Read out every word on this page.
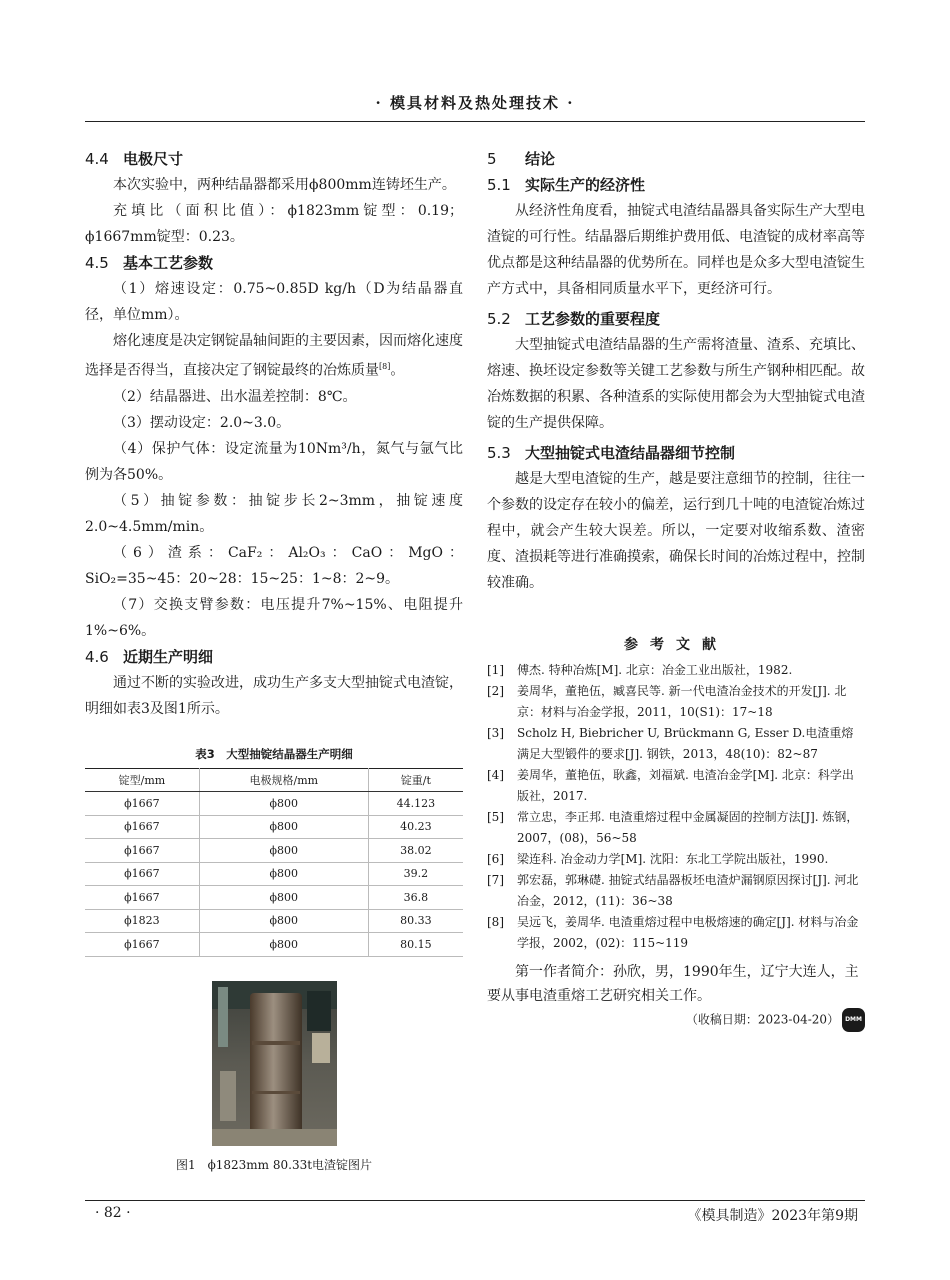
· 模具材料及热处理技术 ·
4.4 电极尺寸

本次实验中，两种结晶器都采用ϕ800mm连铸坯生产。

充填比（面积比值）：ϕ1823mm锭型：0.19；ϕ1667mm锭型：0.23。

4.5 基本工艺参数

（1）熔速设定：0.75~0.85D kg/h（D为结晶器直径，单位mm）。

熔化速度是决定钢锭晶轴间距的主要因素，因而熔化速度选择是否得当，直接决定了钢锭最终的冶炼质量[8]。

（2）结晶器进、出水温差控制：8℃。

（3）摆动设定：2.0~3.0。

（4）保护气体：设定流量为10Nm³/h，氮气与氩气比例为各50%。

（5）抽锭参数：抽锭步长2~3mm，抽锭速度2.0~4.5mm/min。

（6）渣系：CaF₂：Al₂O₃：CaO：MgO：SiO₂=35~45：20~28：15~25：1~8：2~9。

（7）交换支臂参数：电压提升7%~15%、电阻提升1%~6%。

4.6 近期生产明细

通过不断的实验改进，成功生产多支大型抽锭式电渣锭，明细如表3及图1所示。

表3　大型抽锭结晶器生产明细
锭型/mm	电极规格/mm	锭重/t
ϕ1667	ϕ800	44.123
ϕ1667	ϕ800	40.23
ϕ1667	ϕ800	38.02
ϕ1667	ϕ800	39.2
ϕ1667	ϕ800	36.8
ϕ1823	ϕ800	80.33
ϕ1667	ϕ800	80.15
图1　ϕ1823mm 80.33t电渣锭图片
5 结论
5.1 实际生产的经济性

从经济性角度看，抽锭式电渣结晶器具备实际生产大型电渣锭的可行性。结晶器后期维护费用低、电渣锭的成材率高等优点都是这种结晶器的优势所在。同样也是众多大型电渣锭生产方式中，具备相同质量水平下，更经济可行。

5.2 工艺参数的重要程度

大型抽锭式电渣结晶器的生产需将渣量、渣系、充填比、熔速、换坯设定参数等关键工艺参数与所生产钢种相匹配。故冶炼数据的积累、各种渣系的实际使用都会为大型抽锭式电渣锭的生产提供保障。

5.3 大型抽锭式电渣结晶器细节控制

越是大型电渣锭的生产，越是要注意细节的控制，往往一个参数的设定存在较小的偏差，运行到几十吨的电渣锭冶炼过程中，就会产生较大误差。所以，一定要对收缩系数、渣密度、渣损耗等进行准确摸索，确保长时间的冶炼过程中，控制较准确。

参考文献
[1]	傅杰. 特种冶炼[M]. 北京：冶金工业出版社，1982.
[2]	姜周华，董艳伍，臧喜民等. 新一代电渣冶金技术的开发[J]. 北京：材料与冶金学报，2011，10(S1)：17~18
[3]	Scholz H, Biebricher U, Brückmann G, Esser D.电渣重熔满足大型锻件的要求[J]. 钢铁，2013，48(10)：82~87
[4]	姜周华，董艳伍，耿鑫，刘福斌. 电渣冶金学[M]. 北京：科学出版社，2017.
[5]	常立忠，李正邦. 电渣重熔过程中金属凝固的控制方法[J]. 炼钢，2007，(08)，56~58
[6]	梁连科. 冶金动力学[M]. 沈阳：东北工学院出版社，1990.
[7]	郭宏磊，郭琳礎. 抽锭式结晶器板坯电渣炉漏钢原因探讨[J]. 河北冶金，2012，(11)：36~38
[8]	吴远飞，姜周华. 电渣重熔过程中电极熔速的确定[J]. 材料与冶金学报，2002，(02)：115~119

第一作者简介：孙欣，男，1990年生，辽宁大连人，主要从事电渣重熔工艺研究相关工作。

（收稿日期：2023-04-20） DMM
· 82 ·	《模具制造》2023年第9期
